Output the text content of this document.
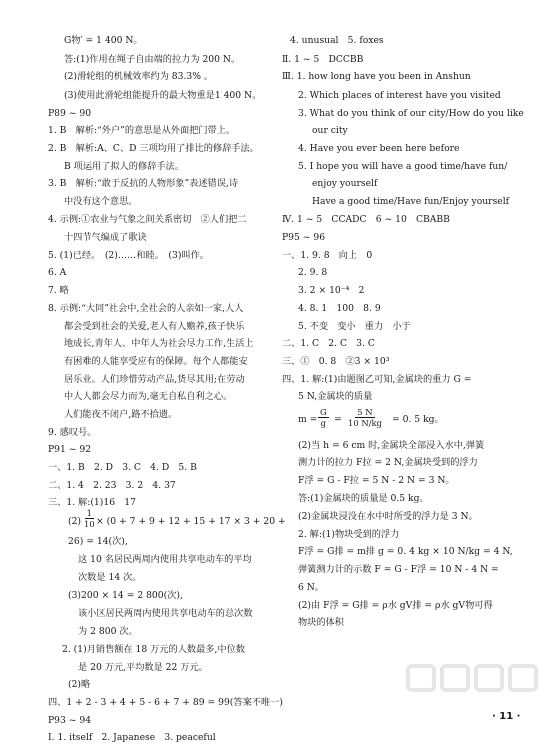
G物′ = 1 400 N。
答:(1)作用在绳子自由端的拉力为 200 N。
(2)滑轮组的机械效率约为 83.3% 。
(3)使用此滑轮组能提升的最大物重是1 400 N。
P89 ~ 90
1. B　解析:“外户”的意思是从外面把门带上。
2. B　解析:A、C、D 三项均用了排比的修辞手法。
B 项运用了拟人的修辞手法。
3. B　解析:“敢于反抗的人物形象”表述错误,诗
中没有这个意思。
4. 示例:①农业与气象之间关系密切　②人们把二
十四节气编成了歌诀
5. (1)已经。　(2)……和睦。　(3)叫作。
6. A
7. 略
8. 示例:“大同”社会中,全社会的人亲如一家,人人
都会受到社会的关爱,老人有人赡养,孩子快乐
地成长,青年人、中年人为社会尽力工作,生活上
有困难的人能享受应有的保障。每个人都能安
居乐业。人们珍惜劳动产品,货尽其用;在劳动
中人人都会尽力而为,毫无自私自利之心。
人们能夜不闭户,路不拾遗。
9. 感叹号。
P91 ~ 92
一、1. B　2. D　3. C　4. D　5. B
二、1. 4　2. 23　3. 2　4. 37
三、1. 解:(1)16　17
(2) × (0 + 7 + 9 + 12 + 15 + 17 × 3 + 20 +
26) = 14(次),
这 10 名居民两周内使用共享电动车的平均
次数是 14 次。
(3)200 × 14 = 2 800(次),
该小区居民两周内使用共享电动车的总次数
为 2 800 次。
2. (1)月销售额在 18 万元的人数最多,中位数
是 20 万元,平均数是 22 万元。
(2)略
四、1 + 2 - 3 + 4 + 5 - 6 + 7 + 89 = 99(答案不唯一)
P93 ~ 94
Ⅰ. 1. itself　2. Japanese　3. peaceful
$\frac{1}{10}$
4. unusual　5. foxes
Ⅱ. 1 ~ 5　DCCBB
Ⅲ. 1. how long have you been in Anshun
2. Which places of interest have you visited
3. What do you think of our city/How do you like
our city
4. Have you ever been here before
5. I hope you will have a good time/have fun/
enjoy yourself
Have a good time/Have fun/Enjoy yourself
Ⅳ. 1 ~ 5　CCADC　6 ~ 10　CBABB
P95 ~ 96
一、1. 9. 8　向上　0
2. 9. 8
3. 2 × 10⁻⁴　2
4. 8. 1　100　8. 9
5. 不变　变小　重力　小于
二、1. C　2. C　3. C
三、①　0. 8　②3 × 10³
四、1. 解:(1)由题图乙可知,金属块的重力 G =
5 N,金属块的质量
m = =	= 0. 5 kg。
(2)当 h = 6 cm 时,金属块全部浸入水中,弹簧
测力计的拉力 F拉 = 2 N,金属块受到的浮力
F浮 = G - F拉 = 5 N - 2 N = 3 N。
答:(1)金属块的质量是 0.5 kg。
(2)金属块浸没在水中时所受的浮力是 3 N。
2. 解:(1)物块受到的浮力
F浮 = G排 = m排 g = 0. 4 kg × 10 N/kg = 4 N,
弹簧测力计的示数 F = G - F浮 = 10 N - 4 N =
6 N。
(2)由 F浮 = G排 = ρ水 gV排 = ρ水 gV物可得
物块的体积
$\frac{G}{g} \frac{5 N}{10 N/kg}$
· 11 ·
